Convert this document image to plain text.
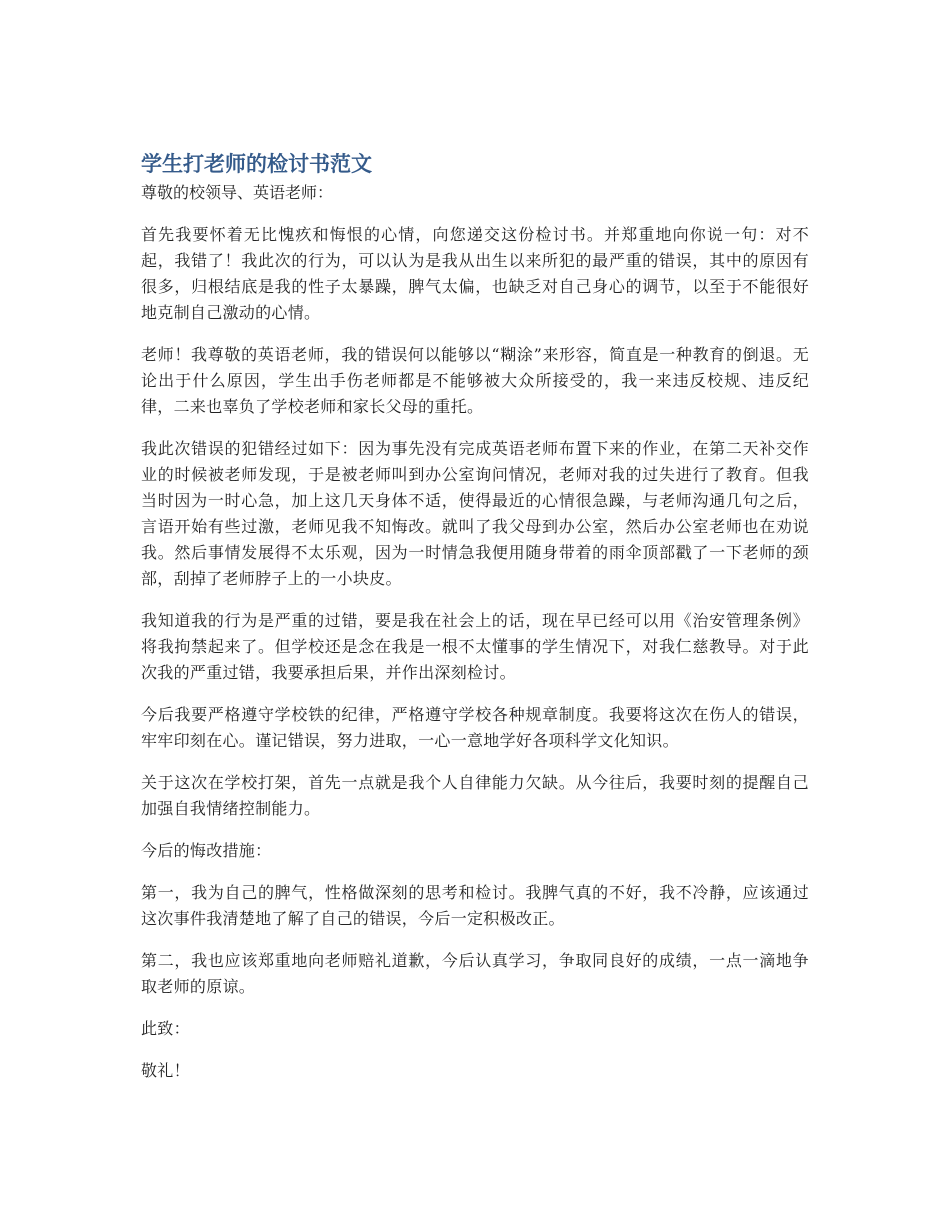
学生打老师的检讨书范文

尊敬的校领导、英语老师：

首先我要怀着无比愧疚和悔恨的心情，向您递交这份检讨书。并郑重地向你说一句：对不起，我错了！我此次的行为，可以认为是我从出生以来所犯的最严重的错误，其中的原因有很多，归根结底是我的性子太暴躁，脾气太偏，也缺乏对自己身心的调节，以至于不能很好地克制自己激动的心情。

老师！我尊敬的英语老师，我的错误何以能够以“糊涂”来形容，简直是一种教育的倒退。无论出于什么原因，学生出手伤老师都是不能够被大众所接受的，我一来违反校规、违反纪律，二来也辜负了学校老师和家长父母的重托。

我此次错误的犯错经过如下：因为事先没有完成英语老师布置下来的作业，在第二天补交作业的时候被老师发现，于是被老师叫到办公室询问情况，老师对我的过失进行了教育。但我当时因为一时心急，加上这几天身体不适，使得最近的心情很急躁，与老师沟通几句之后，言语开始有些过激，老师见我不知悔改。就叫了我父母到办公室，然后办公室老师也在劝说我。然后事情发展得不太乐观，因为一时情急我便用随身带着的雨伞顶部戳了一下老师的颈部，刮掉了老师脖子上的一小块皮。

我知道我的行为是严重的过错，要是我在社会上的话，现在早已经可以用《治安管理条例》将我拘禁起来了。但学校还是念在我是一根不太懂事的学生情况下，对我仁慈教导。对于此次我的严重过错，我要承担后果，并作出深刻检讨。

今后我要严格遵守学校铁的纪律，严格遵守学校各种规章制度。我要将这次在伤人的错误，牢牢印刻在心。谨记错误，努力进取，一心一意地学好各项科学文化知识。

关于这次在学校打架，首先一点就是我个人自律能力欠缺。从今往后，我要时刻的提醒自己加强自我情绪控制能力。

今后的悔改措施：

第一，我为自己的脾气，性格做深刻的思考和检讨。我脾气真的不好，我不冷静，应该通过这次事件我清楚地了解了自己的错误，今后一定积极改正。

第二，我也应该郑重地向老师赔礼道歉，今后认真学习，争取同良好的成绩，一点一滴地争取老师的原谅。

此致：

敬礼！
